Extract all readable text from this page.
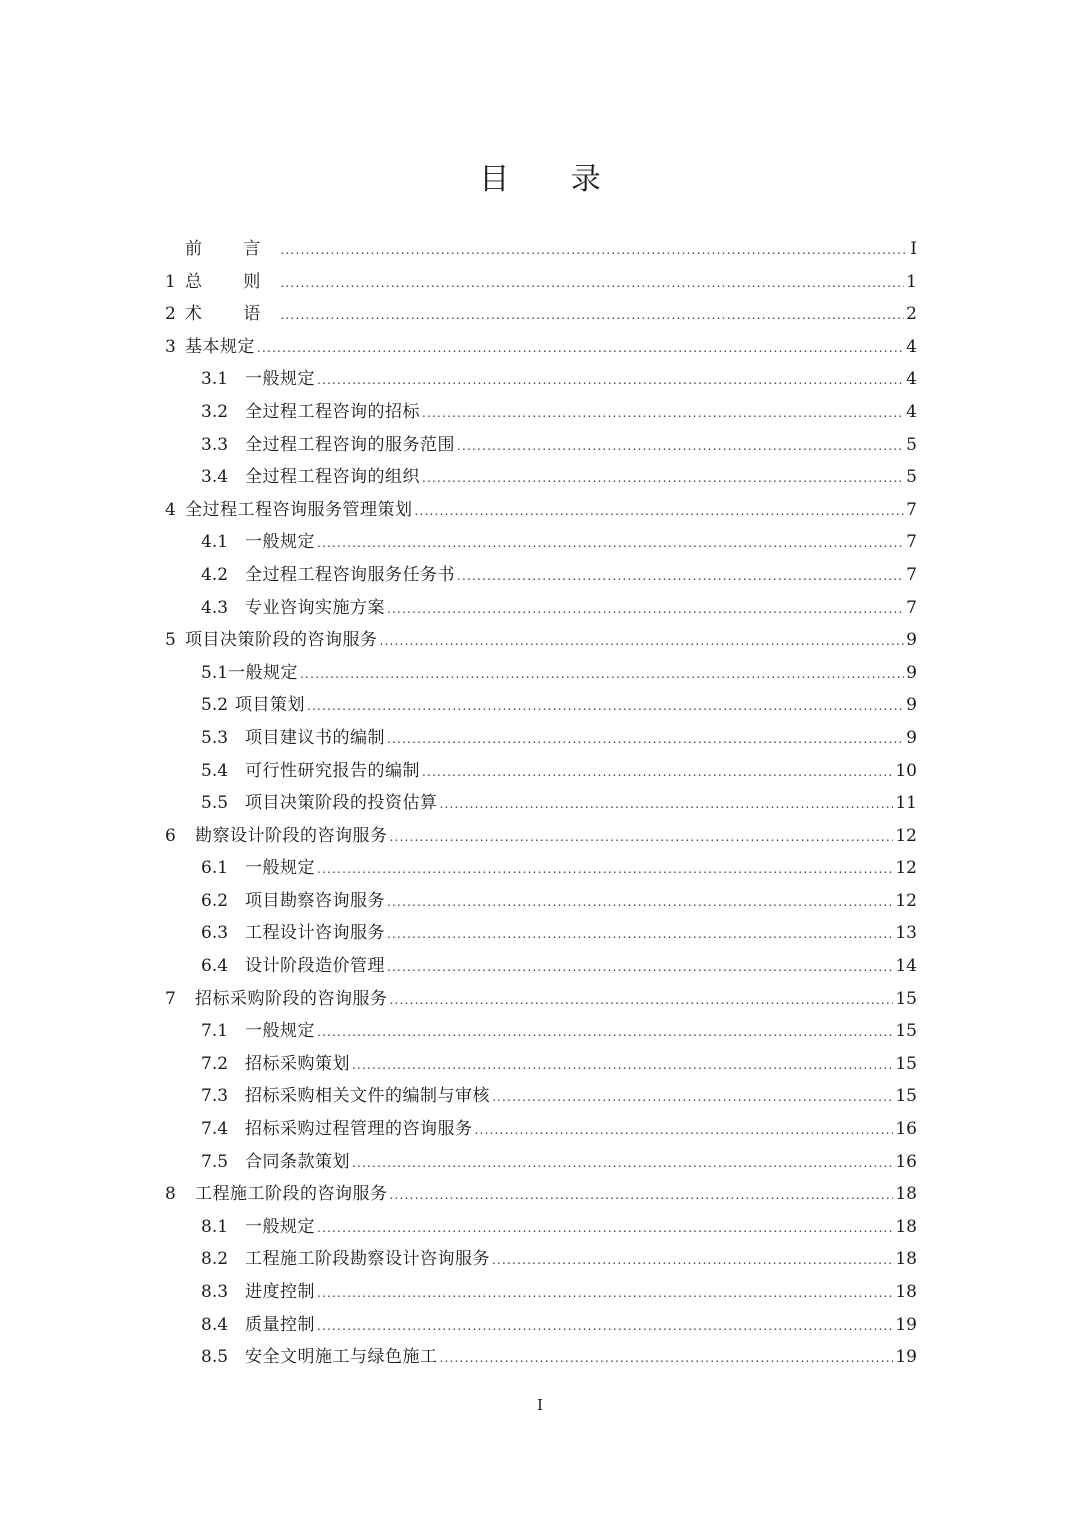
目 录
前 言 .....	I
1 总 则 .....	1
2 术 语 .....	2
3 基本规定 .....	4
3.1 一般规定 .....	4
3.2 全过程工程咨询的招标 .....	4
3.3 全过程工程咨询的服务范围 .....	5
3.4 全过程工程咨询的组织 .....	5
4 全过程工程咨询服务管理策划 .....	7
4.1 一般规定 .....	7
4.2 全过程工程咨询服务任务书 .....	7
4.3 专业咨询实施方案 .....	7
5 项目决策阶段的咨询服务 .....	9
5.1 一般规定 .....	9
5.2 项目策划 .....	9
5.3 项目建议书的编制 .....	9
5.4 可行性研究报告的编制 .....	10
5.5 项目决策阶段的投资估算 .....	11
6	勘察设计阶段的咨询服务 .....	12
6.1 一般规定 .....	12
6.2 项目勘察咨询服务 .....	12
6.3 工程设计咨询服务 .....	13
6.4 设计阶段造价管理 .....	14
7	招标采购阶段的咨询服务 .....	15
7.1 一般规定 .....	15
7.2 招标采购策划 .....	15
7.3 招标采购相关文件的编制与审核 .....	15
7.4 招标采购过程管理的咨询服务 .....	16
7.5 合同条款策划 .....	16
8	工程施工阶段的咨询服务 .....	18
8.1 一般规定 .....	18
8.2 工程施工阶段勘察设计咨询服务 .....	18
8.3 进度控制 .....	18
8.4 质量控制 .....	19
8.5 安全文明施工与绿色施工 .....	19
I
